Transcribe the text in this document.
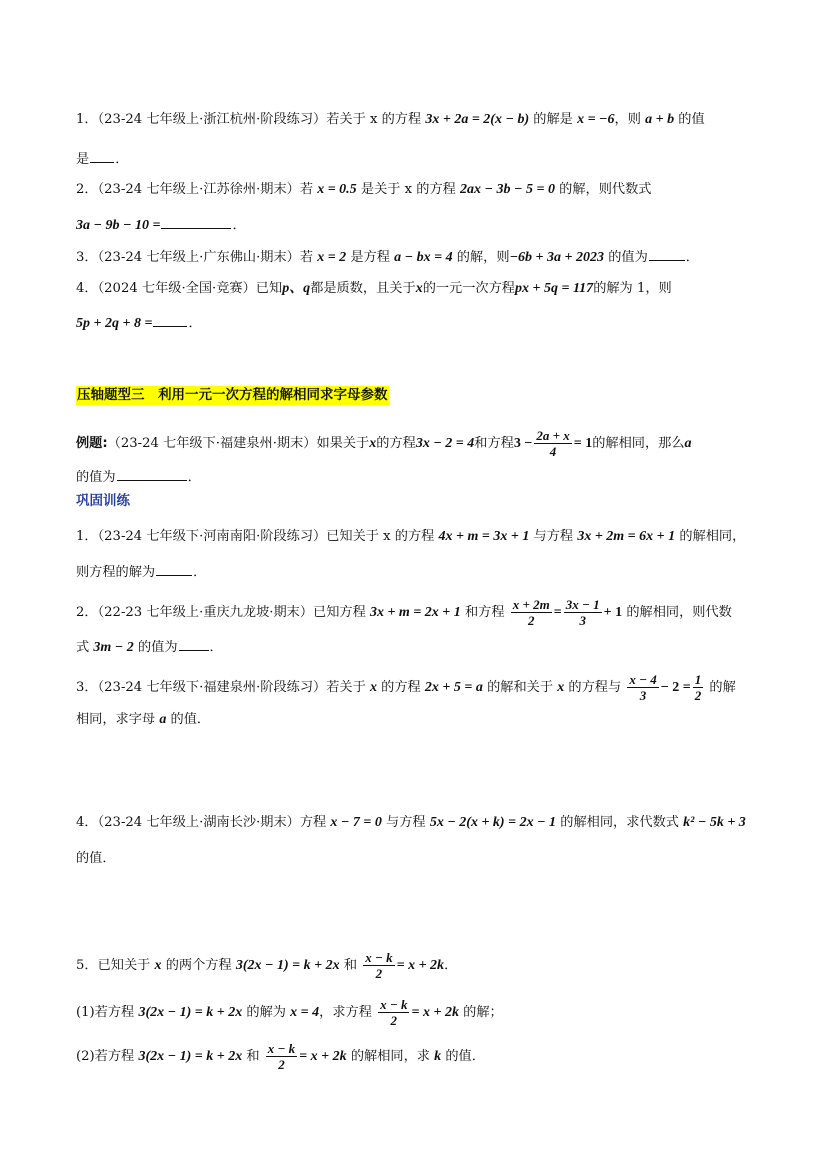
1．（23-24 七年级上·浙江杭州·阶段练习）若关于 x 的方程 3x + 2a = 2(x − b) 的解是 x = −6，则 a + b 的值
是 ．
2．（23-24 七年级上·江苏徐州·期末）若 x = 0.5 是关于 x 的方程 2ax − 3b − 5 = 0 的解，则代数式
3a − 9b − 10 =	．
3．（23-24 七年级上·广东佛山·期末）若 x = 2 是方程 a − bx = 4 的解，则−6b + 3a + 2023 的值为	．
4．（2024 七年级·全国·竞赛）已知p、q都是质数，且关于x的一元一次方程px + 5q = 117的解为 1，则
5p + 2q + 8 =	．
压轴题型三　利用一元一次方程的解相同求字母参数
例题:（23-24 七年级下·福建泉州·期末）如果关于x的方程3x − 2 = 4和方程$3 - \frac{2a + x}{4} = 1$的解相同，那么a
的值为	．
巩固训练
1．（23-24 七年级下·河南南阳·阶段练习）已知关于 x 的方程 4x + m = 3x + 1 与方程 3x + 2m = 6x + 1 的解相同，
则方程的解为	．
2．（22-23 七年级上·重庆九龙坡·期末）已知方程 3x + m = 2x + 1 和方程 $\frac{x + 2m}{2} = \frac{3x - 1}{3} + 1$ 的解相同，则代数
式 3m − 2 的值为 ．
3．（23-24 七年级下·福建泉州·阶段练习）若关于 x 的方程 2x + 5 = a 的解和关于 x 的方程与 $\frac{x - 4}{3} - 2 = \frac{1}{2}$ 的解
相同，求字母 a 的值．
4．（23-24 七年级上·湖南长沙·期末）方程 x − 7 = 0 与方程 5x − 2(x + k) = 2x − 1 的解相同，求代数式 k² − 5k + 3
的值．
5．已知关于 x 的两个方程 3(2x − 1) = k + 2x 和 $\frac{x - k}{2} = x + 2k$．
(1)若方程 3(2x − 1) = k + 2x 的解为 x = 4，求方程 $\frac{x - k}{2} = x + 2k$ 的解；
(2)若方程 3(2x − 1) = k + 2x 和 $\frac{x - k}{2} = x + 2k$ 的解相同，求 k 的值．
